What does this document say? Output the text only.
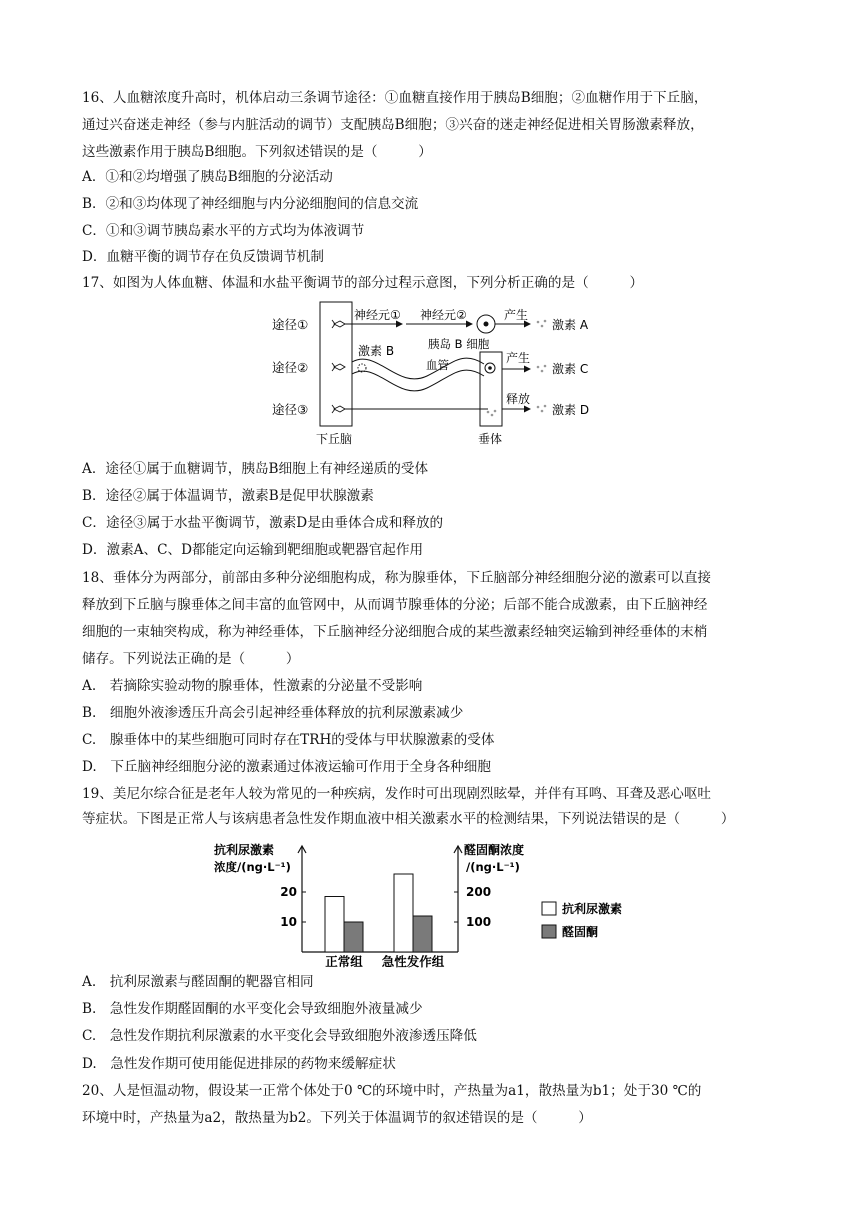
16、人血糖浓度升高时，机体启动三条调节途径：①血糖直接作用于胰岛B细胞；②血糖作用于下丘脑，
通过兴奋迷走神经（参与内脏活动的调节）支配胰岛B细胞；③兴奋的迷走神经促进相关胃肠激素释放，
这些激素作用于胰岛B细胞。下列叙述错误的是（　　　）
A．①和②均增强了胰岛B细胞的分泌活动
B．②和③均体现了神经细胞与内分泌细胞间的信息交流
C．①和③调节胰岛素水平的方式均为体液调节
D．血糖平衡的调节存在负反馈调节机制
17、如图为人体血糖、体温和水盐平衡调节的部分过程示意图，下列分析正确的是（　　　）
途径①
途径②
途径③
神经元① 神经元②
激素 B	胰岛 B 细胞
血管
产生
产生
释放
激素 A
激素 C
激素 D
下丘脑	垂体
A．途径①属于血糖调节，胰岛B细胞上有神经递质的受体
B．途径②属于体温调节，激素B是促甲状腺激素
C．途径③属于水盐平衡调节，激素D是由垂体合成和释放的
D．激素A、C、D都能定向运输到靶细胞或靶器官起作用
18、垂体分为两部分，前部由多种分泌细胞构成，称为腺垂体，下丘脑部分神经细胞分泌的激素可以直接
释放到下丘脑与腺垂体之间丰富的血管网中，从而调节腺垂体的分泌；后部不能合成激素，由下丘脑神经
细胞的一束轴突构成，称为神经垂体，下丘脑神经分泌细胞合成的某些激素经轴突运输到神经垂体的末梢
储存。下列说法正确的是（　　　）
A.　若摘除实验动物的腺垂体，性激素的分泌量不受影响
B.　细胞外液渗透压升高会引起神经垂体释放的抗利尿激素减少
C.　腺垂体中的某些细胞可同时存在TRH的受体与甲状腺激素的受体
D.　下丘脑神经细胞分泌的激素通过体液运输可作用于全身各种细胞
19、美尼尔综合征是老年人较为常见的一种疾病，发作时可出现剧烈眩晕，并伴有耳鸣、耳聋及恶心呕吐
等症状。下图是正常人与该病患者急性发作期血液中相关激素水平的检测结果，下列说法错误的是（　　　）
抗利尿激素
浓度/(ng·L⁻¹)
醛固酮浓度
/(ng·L⁻¹)
10
20
100
200
正常组 急性发作组
抗利尿激素
醛固酮
A.　抗利尿激素与醛固酮的靶器官相同
B.　急性发作期醛固酮的水平变化会导致细胞外液量减少
C.　急性发作期抗利尿激素的水平变化会导致细胞外液渗透压降低
D.　急性发作期可使用能促进排尿的药物来缓解症状
20、人是恒温动物，假设某一正常个体处于0 ℃的环境中时，产热量为a1，散热量为b1；处于30 ℃的
环境中时，产热量为a2，散热量为b2。下列关于体温调节的叙述错误的是（　　　）
